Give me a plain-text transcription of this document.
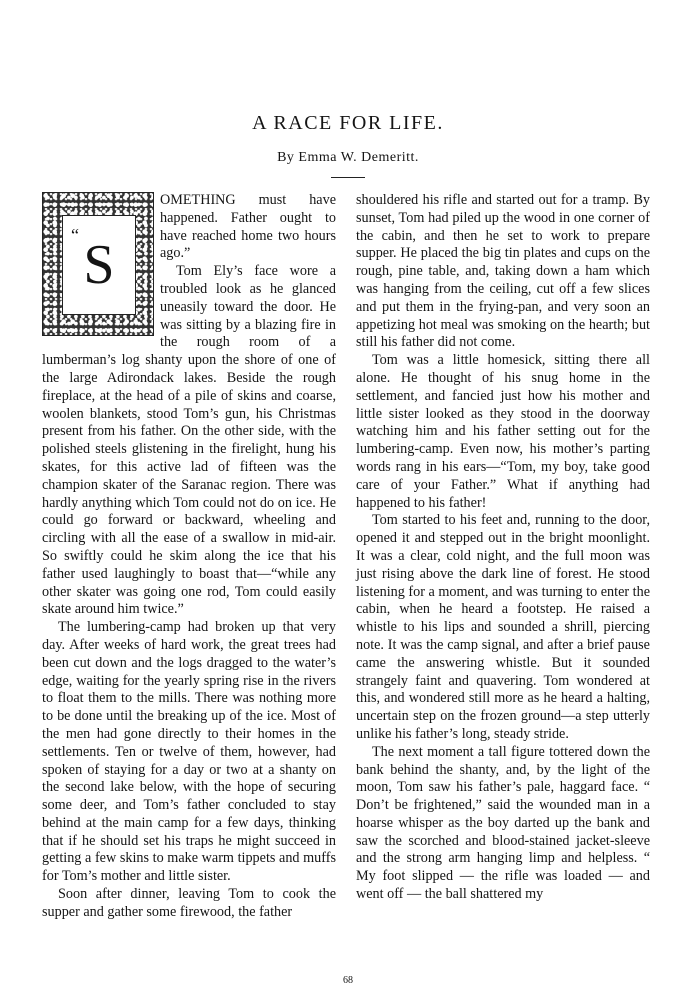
A RACE FOR LIFE.
By Emma W. Demeritt.
“ S

OMETHING must have happened. Father ought to have reached home two hours ago.”

Tom Ely’s face wore a troubled look as he glanced uneasily toward the door. He was sitting by a blazing fire in the rough room of a lumberman’s log shanty upon the shore of one of the large Adirondack lakes. Beside the rough fireplace, at the head of a pile of skins and coarse, woolen blankets, stood Tom’s gun, his Christmas present from his father. On the other side, with the polished steels glistening in the firelight, hung his skates, for this active lad of fifteen was the champion skater of the Saranac region. There was hardly anything which Tom could not do on ice. He could go forward or backward, wheeling and circling with all the ease of a swallow in mid-air. So swiftly could he skim along the ice that his father used laughingly to boast that—“while any other skater was going one rod, Tom could easily skate around him twice.”

The lumbering-camp had broken up that very day. After weeks of hard work, the great trees had been cut down and the logs dragged to the water’s edge, waiting for the yearly spring rise in the rivers to float them to the mills. There was nothing more to be done until the breaking up of the ice. Most of the men had gone directly to their homes in the settlements. Ten or twelve of them, however, had spoken of staying for a day or two at a shanty on the second lake below, with the hope of securing some deer, and Tom’s father concluded to stay behind at the main camp for a few days, thinking that if he should set his traps he might succeed in getting a few skins to make warm tippets and muffs for Tom’s mother and little sister.

Soon after dinner, leaving Tom to cook the supper and gather some firewood, the father

shouldered his rifle and started out for a tramp. By sunset, Tom had piled up the wood in one corner of the cabin, and then he set to work to prepare supper. He placed the big tin plates and cups on the rough, pine table, and, taking down a ham which was hanging from the ceiling, cut off a few slices and put them in the frying-pan, and very soon an appetizing hot meal was smoking on the hearth; but still his father did not come.

Tom was a little homesick, sitting there all alone. He thought of his snug home in the settlement, and fancied just how his mother and little sister looked as they stood in the doorway watching him and his father setting out for the lumbering-camp. Even now, his mother’s parting words rang in his ears—“Tom, my boy, take good care of your Father.” What if anything had happened to his father!

Tom started to his feet and, running to the door, opened it and stepped out in the bright moonlight. It was a clear, cold night, and the full moon was just rising above the dark line of forest. He stood listening for a moment, and was turning to enter the cabin, when he heard a footstep. He raised a whistle to his lips and sounded a shrill, piercing note. It was the camp signal, and after a brief pause came the answering whistle. But it sounded strangely faint and quavering. Tom wondered at this, and wondered still more as he heard a halting, uncertain step on the frozen ground—a step utterly unlike his father’s long, steady stride.

The next moment a tall figure tottered down the bank behind the shanty, and, by the light of the moon, Tom saw his father’s pale, haggard face. “ Don’t be frightened,” said the wounded man in a hoarse whisper as the boy darted up the bank and saw the scorched and blood-stained jacket-sleeve and the strong arm hanging limp and helpless. “ My foot slipped — the rifle was loaded — and went off — the ball shattered my

68
